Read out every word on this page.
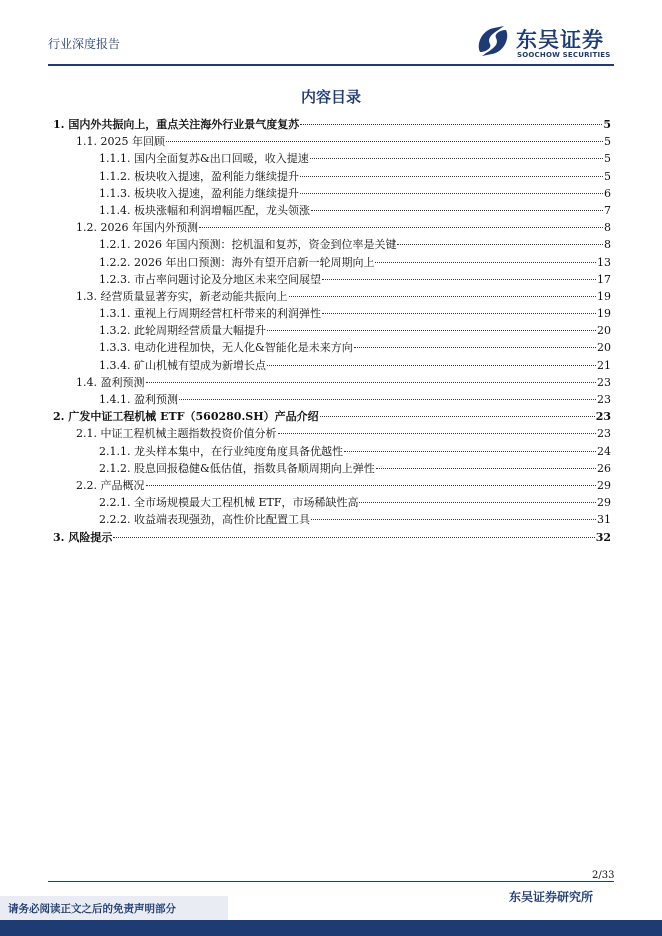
行业深度报告	东吴证券
SOOCHOW SECURITIES
内容目录
1. 国内外共振向上，重点关注海外行业景气度复苏	5
1.1. 2025 年回顾	5
1.1.1. 国内全面复苏&出口回暖，收入提速	5
1.1.2. 板块收入提速，盈利能力继续提升	5
1.1.3. 板块收入提速，盈利能力继续提升	6
1.1.4. 板块涨幅和利润增幅匹配，龙头领涨	7
1.2. 2026 年国内外预测	8
1.2.1. 2026 年国内预测：挖机温和复苏，资金到位率是关键	8
1.2.2. 2026 年出口预测：海外有望开启新一轮周期向上	13
1.2.3. 市占率问题讨论及分地区未来空间展望	17
1.3. 经营质量显著夯实，新老动能共振向上	19
1.3.1. 重视上行周期经营杠杆带来的利润弹性	19
1.3.2. 此轮周期经营质量大幅提升	20
1.3.3. 电动化进程加快，无人化&智能化是未来方向	20
1.3.4. 矿山机械有望成为新增长点	21
1.4. 盈利预测	23
1.4.1. 盈利预测	23
2. 广发中证工程机械 ETF（560280.SH）产品介绍	23
2.1. 中证工程机械主题指数投资价值分析	23
2.1.1. 龙头样本集中，在行业纯度角度具备优越性	24
2.1.2. 股息回报稳健&低估值，指数具备顺周期向上弹性	26
2.2. 产品概况	29
2.2.1. 全市场规模最大工程机械 ETF，市场稀缺性高	29
2.2.2. 收益端表现强劲，高性价比配置工具	31
3. 风险提示	32
2/33
请务必阅读正文之后的免责声明部分
东吴证券研究所
